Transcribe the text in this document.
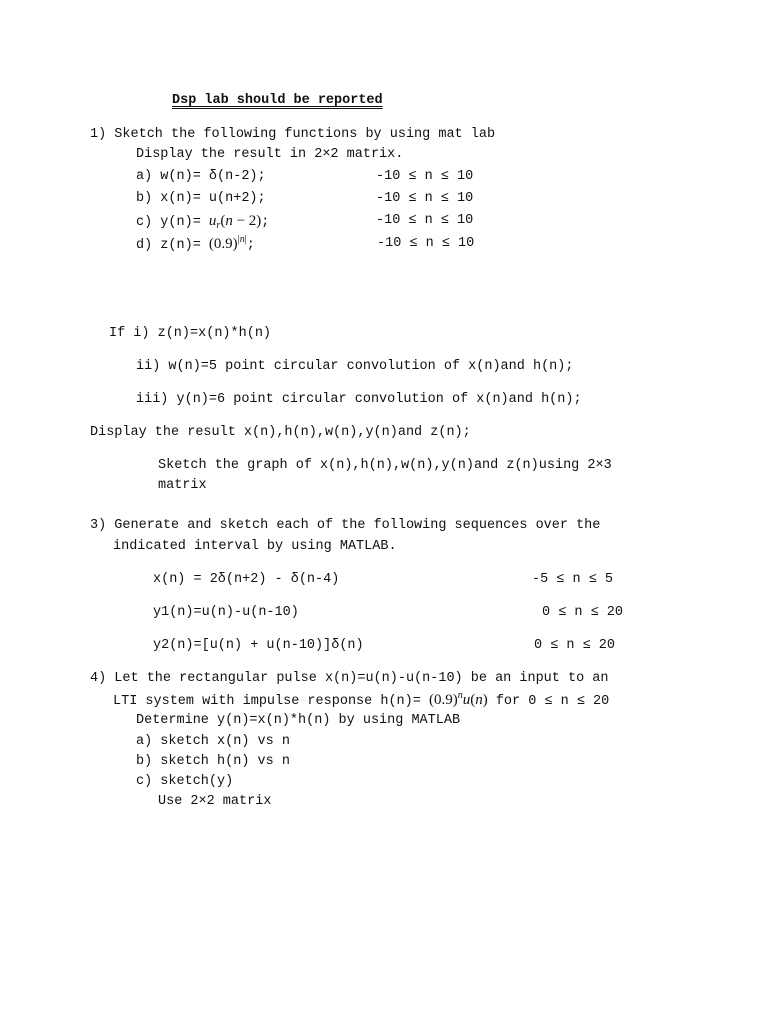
Dsp lab should be reported
1) Sketch the following functions by using mat lab
Display the result in 2×2 matrix.
a) w(n)= δ(n-2);	-10 ≤ n ≤ 10
b) x(n)= u(n+2);	-10 ≤ n ≤ 10
c) $y(n)= u_r(n - 2)$;	-10 ≤ n ≤ 10
d) $z(n)= (0.9)^{|n|}$;	-10 ≤ n ≤ 10
If i) z(n)=x(n)*h(n)
ii) w(n)=5 point circular convolution of x(n)and h(n);
iii) y(n)=6 point circular convolution of x(n)and h(n);
Display the result x(n),h(n),w(n),y(n)and z(n);
Sketch the graph of x(n),h(n),w(n),y(n)and z(n)using 2×3
matrix
3) Generate and sketch each of the following sequences over the
indicated interval by using MATLAB.
x(n) = 2δ(n+2) - δ(n-4)	-5 ≤ n ≤ 5
y1(n)=u(n)-u(n-10)	0 ≤ n ≤ 20
y2(n)=[u(n) + u(n-10)]δ(n)	0 ≤ n ≤ 20
4) Let the rectangular pulse x(n)=u(n)-u(n-10) be an input to an
LTI system with impulse response $h(n)= (0.9)^nu(n)$ for 0 ≤ n ≤ 20
Determine y(n)=x(n)*h(n) by using MATLAB
a) sketch x(n) vs n
b) sketch h(n) vs n
c) sketch(y)
Use 2×2 matrix
